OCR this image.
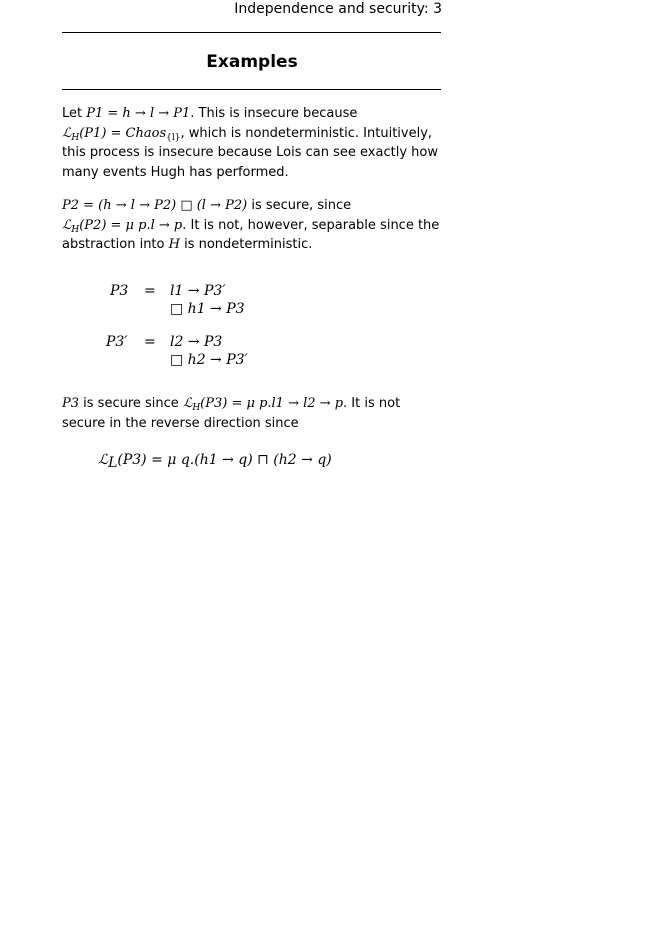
Independence and security: 3
Examples
Let P1 = h → l → P1. This is insecure because
ℒ$_H$(P1) = Chaos$_{\{l\}}$, which is nondeterministic. Intuitively,
this process is insecure because Lois can see exactly how
many events Hugh has performed.
P2 = (h → l → P2) □ (l → P2) is secure, since
ℒ$_H$(P2) = μ p.l → p. It is not, however, separable since the
abstraction into H is nondeterministic.
P3 = l1 → P3′
□ h1 → P3
P3′ = l2 → P3
□ h2 → P3′
P3 is secure since ℒ$_H$(P3) = μ p.l1 → l2 → p. It is not
secure in the reverse direction since
ℒ$_L$(P3) = μ q.(h1 → q) ⊓ (h2 → q)
